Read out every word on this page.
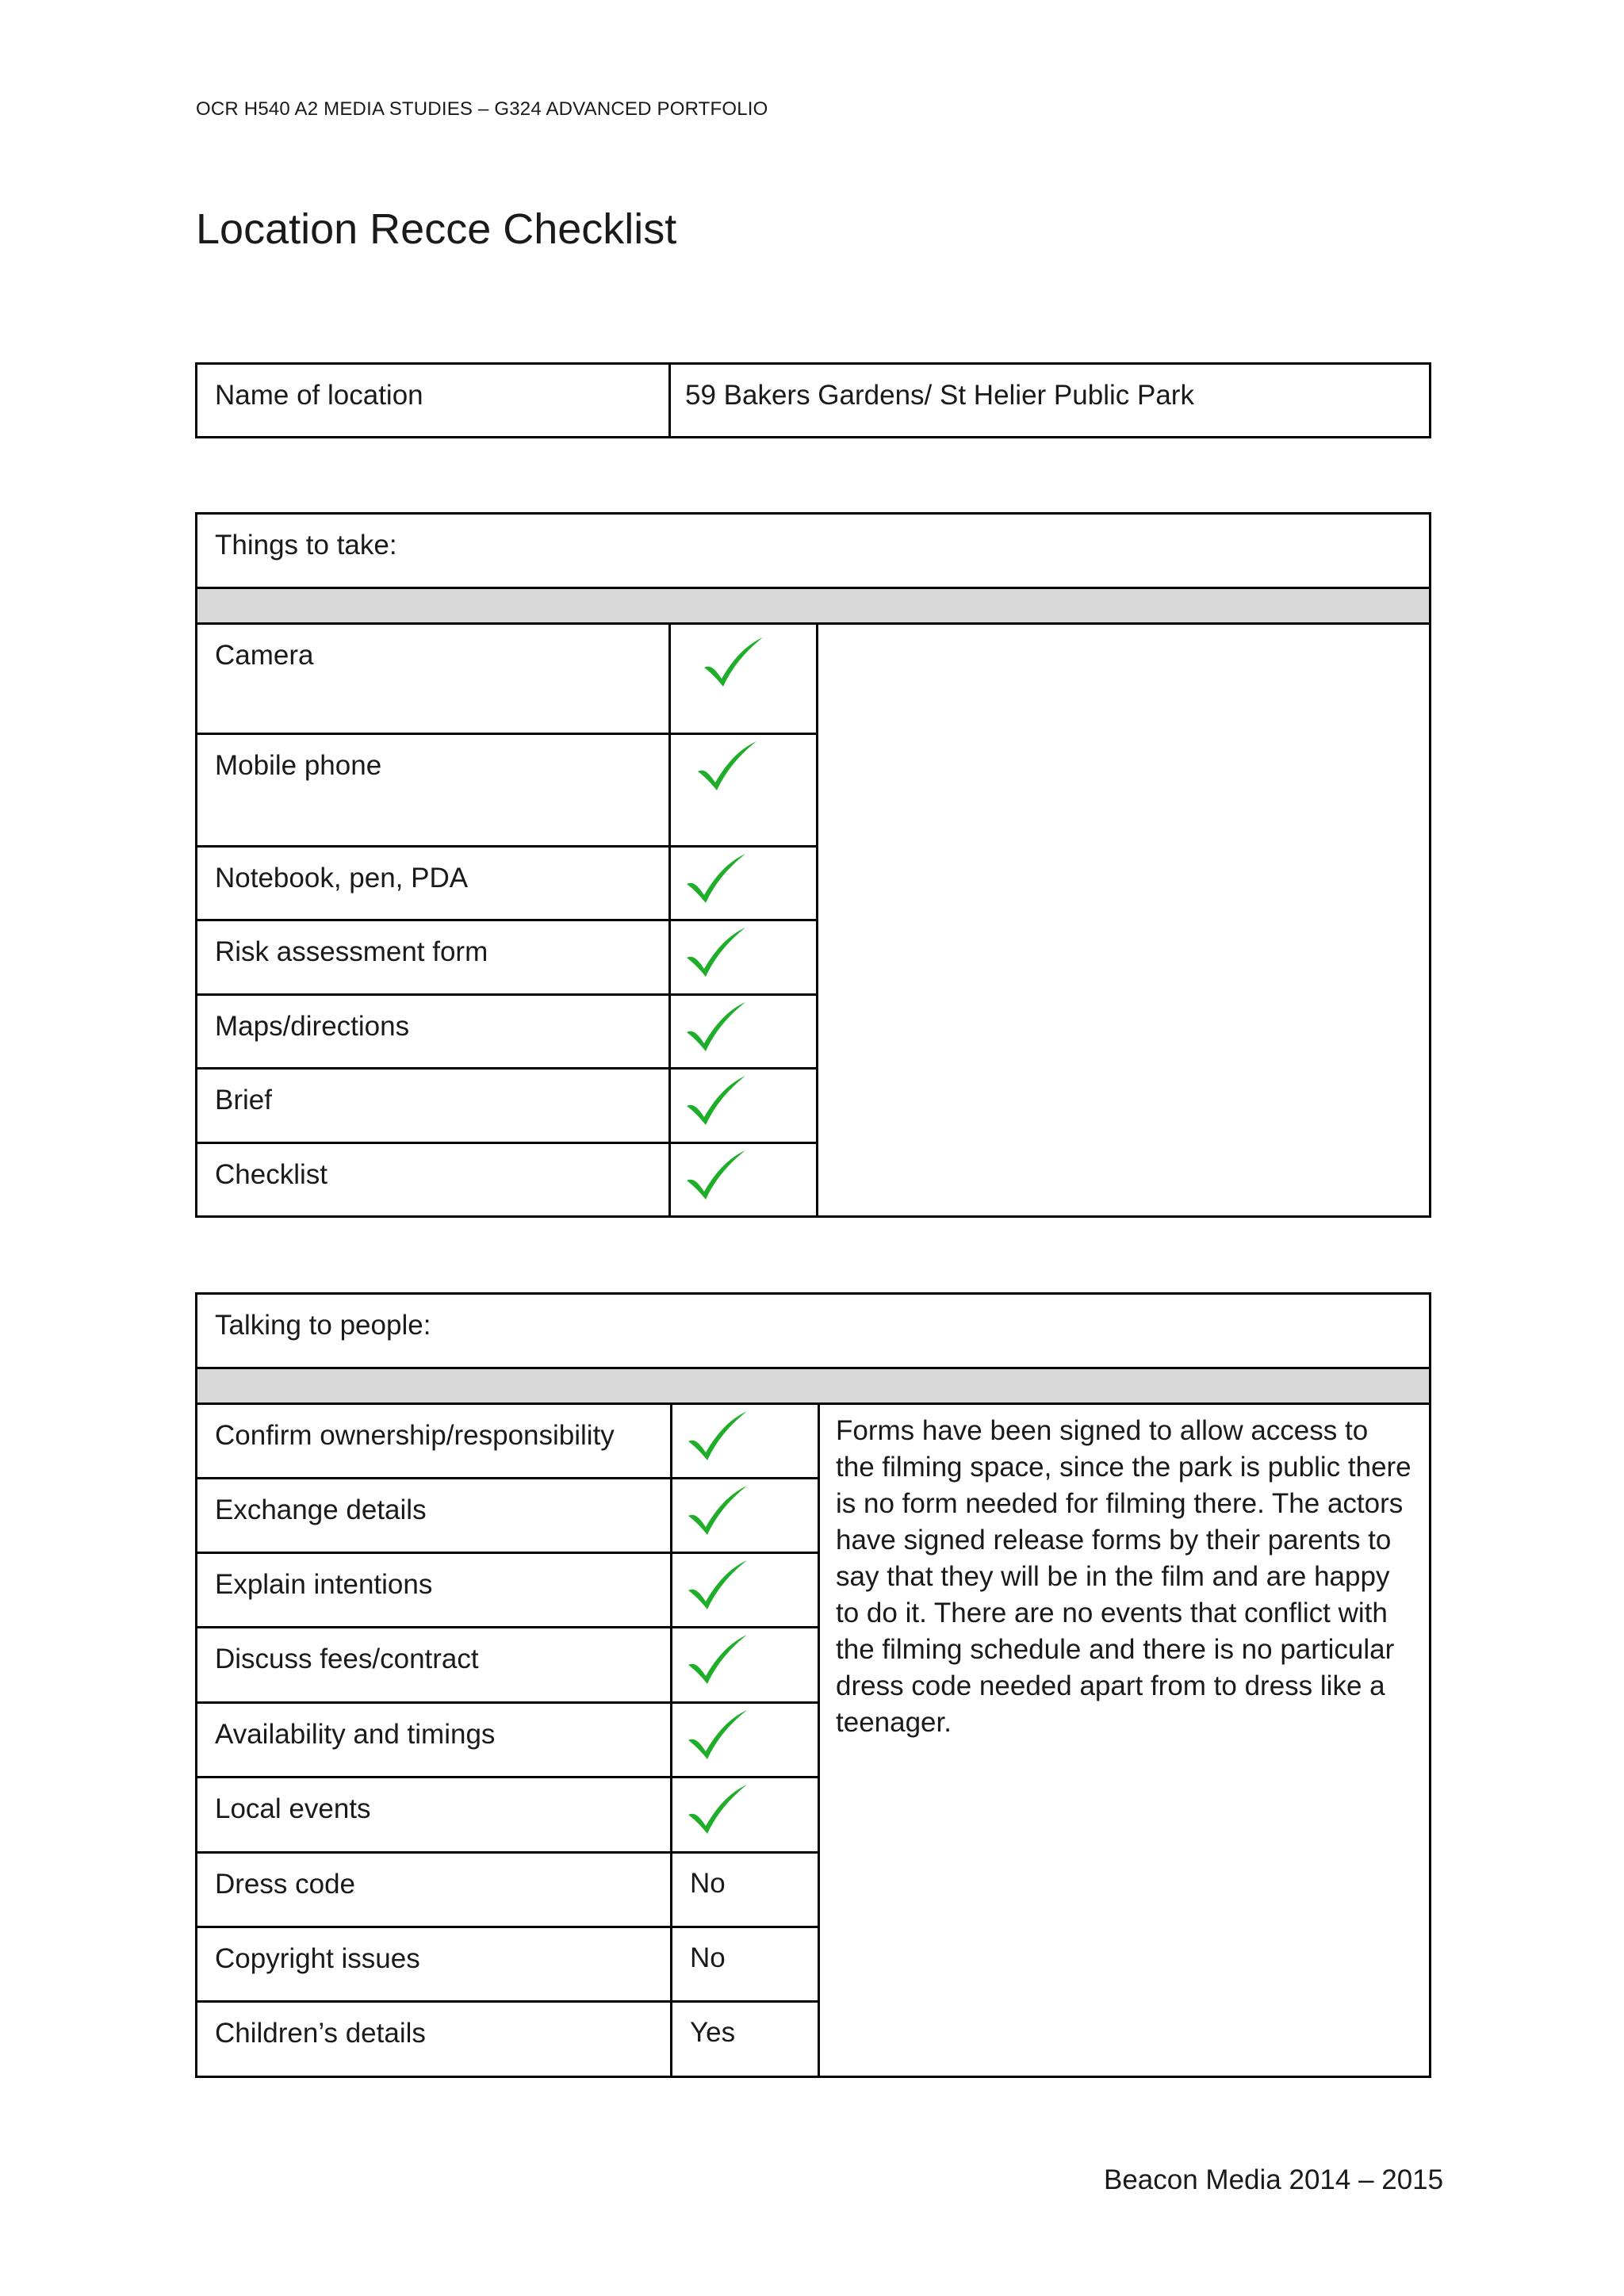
OCR H540 A2 MEDIA STUDIES – G324 ADVANCED PORTFOLIO
Location Recce Checklist
Name of location	59 Bakers Gardens/ St Helier Public Park
Things to take:		

Camera

Mobile phone

Notebook, pen, PDA

Risk assessment form

Maps/directions

Brief

Checklist

Talking to people:		

Confirm ownership/responsibility		Forms have been signed to allow access to the filming space, since the park is public there is no form needed for filming there. The actors have signed release forms by their parents to say that they will be in the film and are happy to do it. There are no events that conflict with the filming schedule and there is no particular dress code needed apart from to dress like a teenager.

Exchange details

Explain intentions

Discuss fees/contract

Availability and timings

Local events

Dress code	No	

Copyright issues	No	

Children’s details	Yes	
Beacon Media 2014 – 2015
